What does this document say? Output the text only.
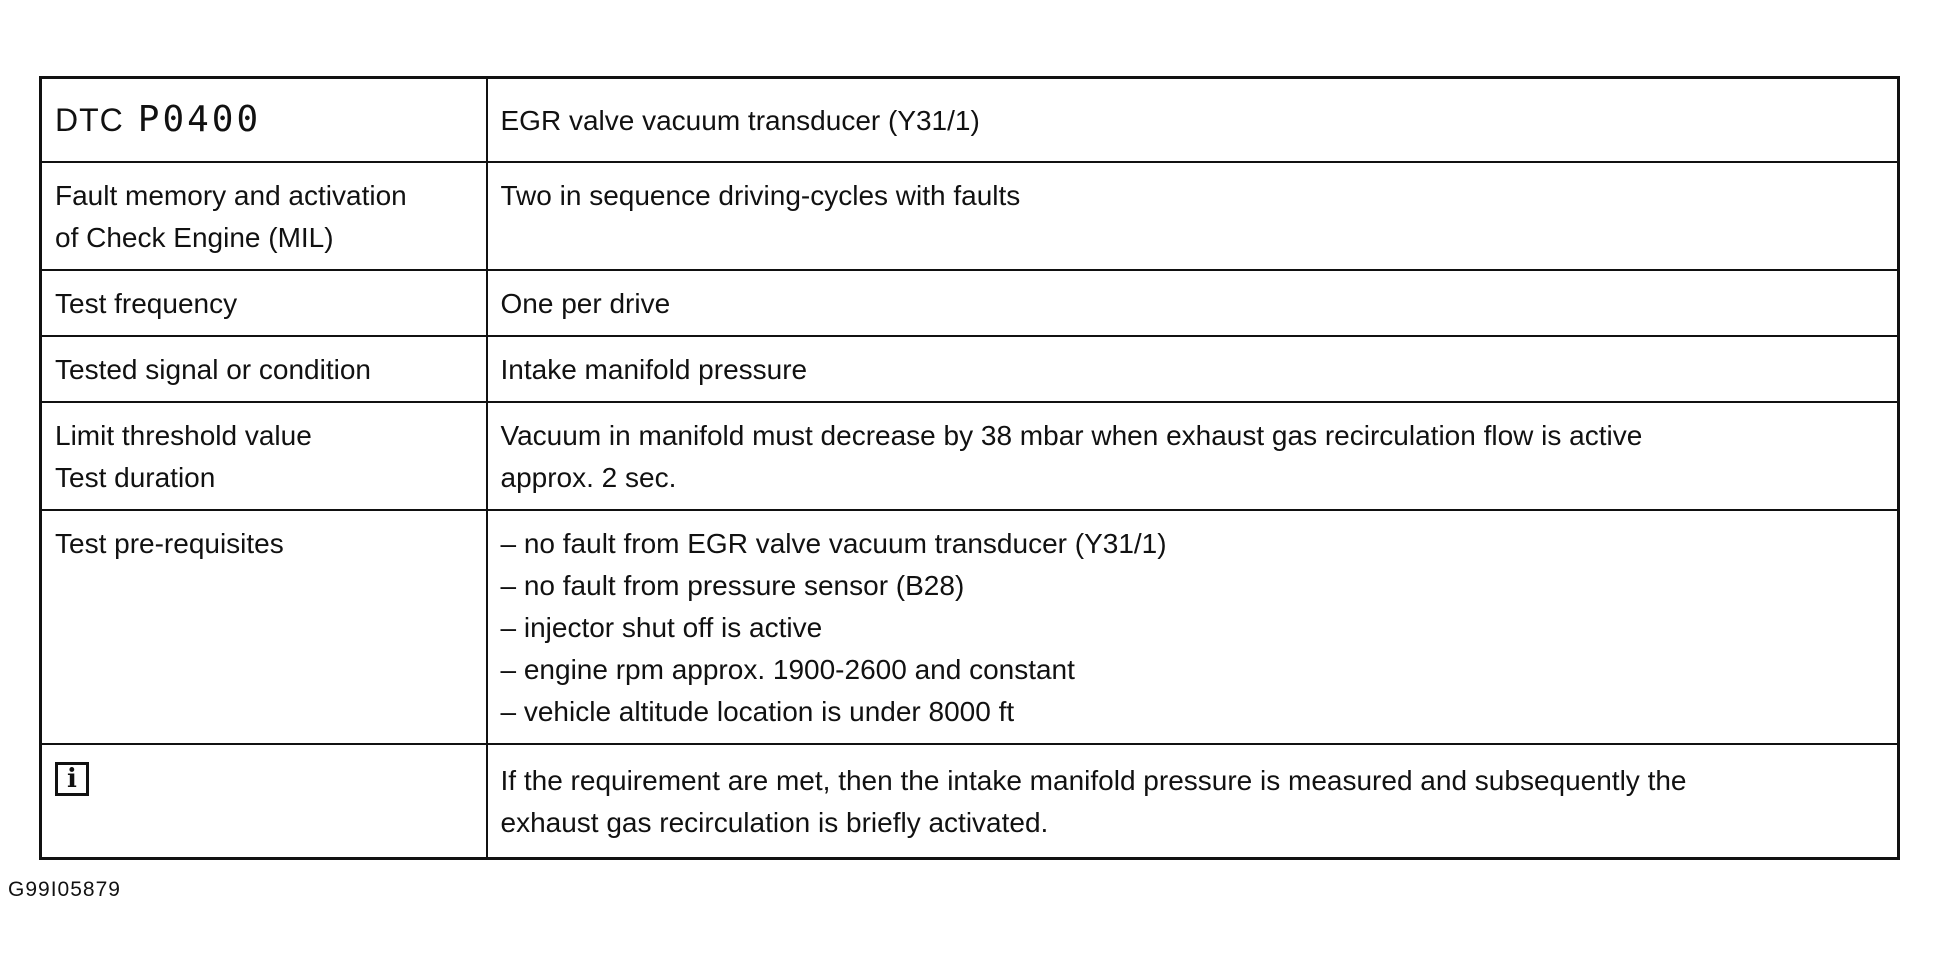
DTC P0400	EGR valve vacuum transducer (Y31/1)

Fault memory and activation
of Check Engine (MIL)	Two in sequence driving-cycles with faults

Test frequency	One per drive

Tested signal or condition	Intake manifold pressure

Limit threshold value
Test duration	Vacuum in manifold must decrease by 38 mbar when exhaust gas recirculation flow is active
approx. 2 sec.

Test pre-requisites	– no fault from EGR valve vacuum transducer (Y31/1)
– no fault from pressure sensor (B28)
– injector shut off is active
– engine rpm approx. 1900-2600 and constant
– vehicle altitude location is under 8000 ft

i	If the requirement are met, then the intake manifold pressure is measured and subsequently the
exhaust gas recirculation is briefly activated.
G99I05879
